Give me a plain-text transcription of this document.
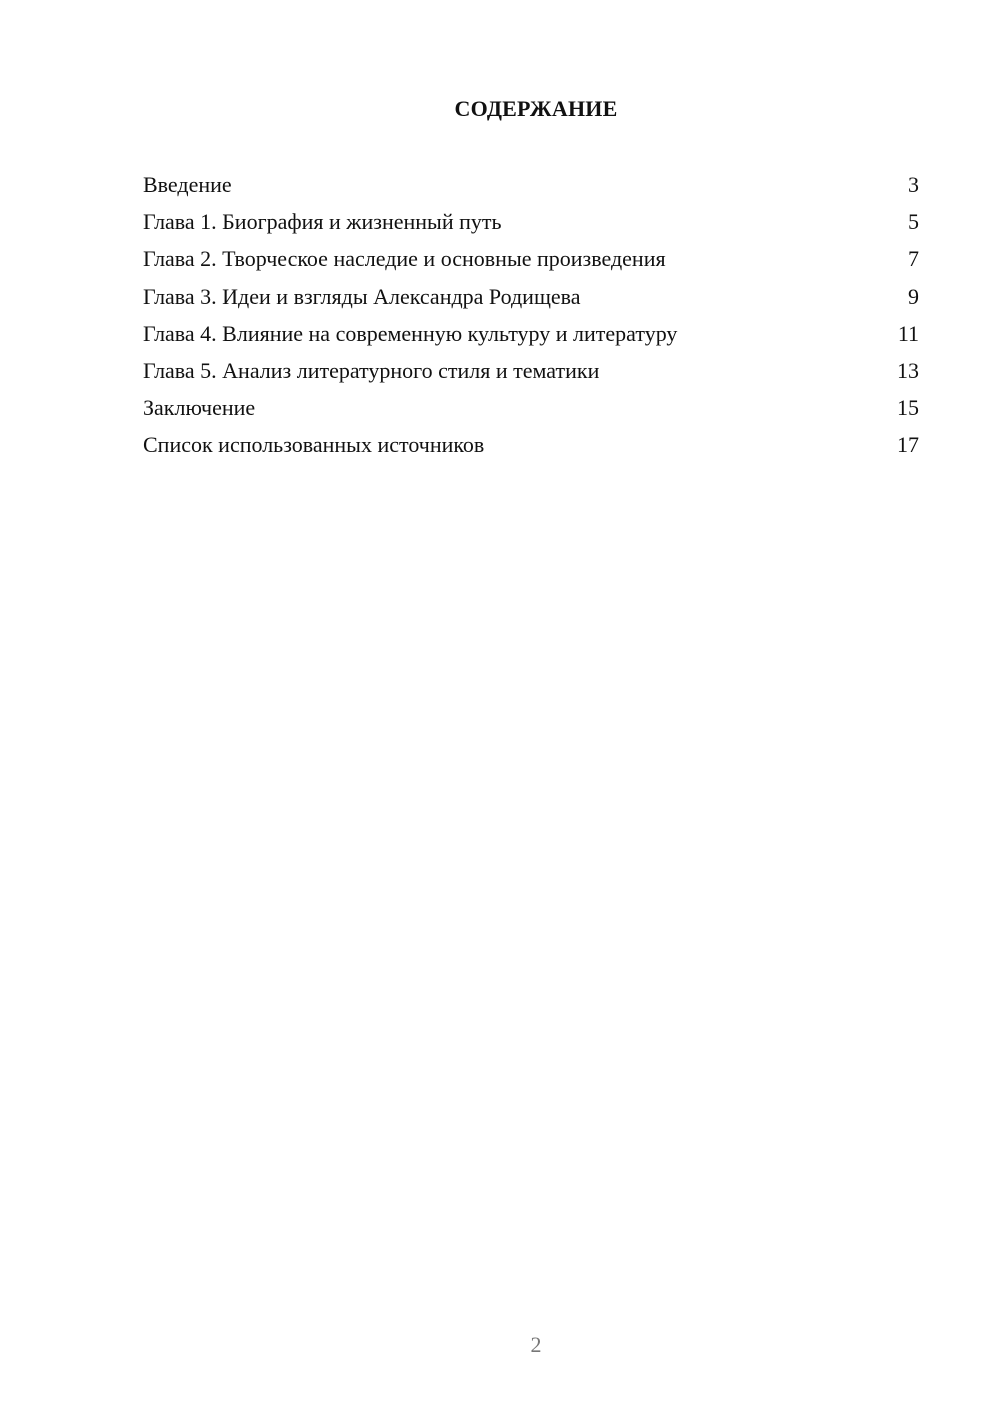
СОДЕРЖАНИЕ
Введение	3
Глава 1. Биография и жизненный путь	5
Глава 2. Творческое наследие и основные произведения	7
Глава 3. Идеи и взгляды Александра Родищева	9
Глава 4. Влияние на современную культуру и литературу	11
Глава 5. Анализ литературного стиля и тематики	13
Заключение	15
Список использованных источников	17
2
